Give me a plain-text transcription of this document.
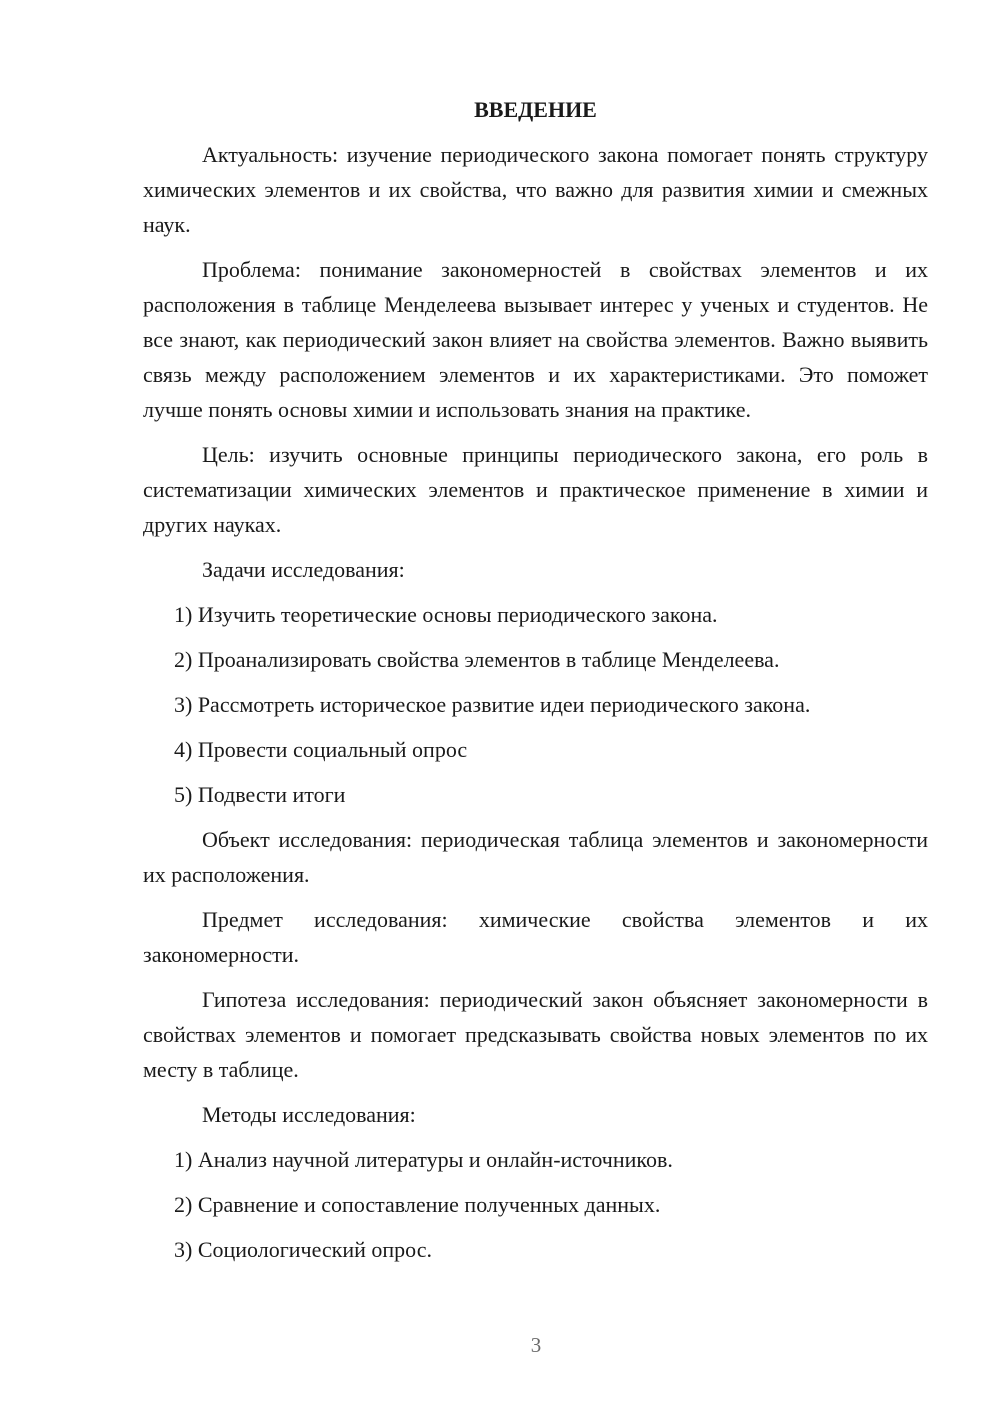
ВВЕДЕНИЕ

Актуальность: изучение периодического закона помогает понять структуру химических элементов и их свойства, что важно для развития химии и смежных наук.

Проблема: понимание закономерностей в свойствах элементов и их расположения в таблице Менделеева вызывает интерес у ученых и студентов. Не все знают, как периодический закон влияет на свойства элементов. Важно выявить связь между расположением элементов и их характеристиками. Это поможет лучше понять основы химии и использовать знания на практике.

Цель: изучить основные принципы периодического закона, его роль в систематизации химических элементов и практическое применение в химии и других науках.

Задачи исследования:

1) Изучить теоретические основы периодического закона.

2) Проанализировать свойства элементов в таблице Менделеева.

3) Рассмотреть историческое развитие идеи периодического закона.

4) Провести социальный опрос

5) Подвести итоги

Объект исследования: периодическая таблица элементов и закономерности их расположения.

Предмет исследования: химические свойства элементов и их закономерности.

Гипотеза исследования: периодический закон объясняет закономерности в свойствах элементов и помогает предсказывать свойства новых элементов по их месту в таблице.

Методы исследования:

1) Анализ научной литературы и онлайн-источников.

2) Сравнение и сопоставление полученных данных.

3) Социологический опрос.

3
